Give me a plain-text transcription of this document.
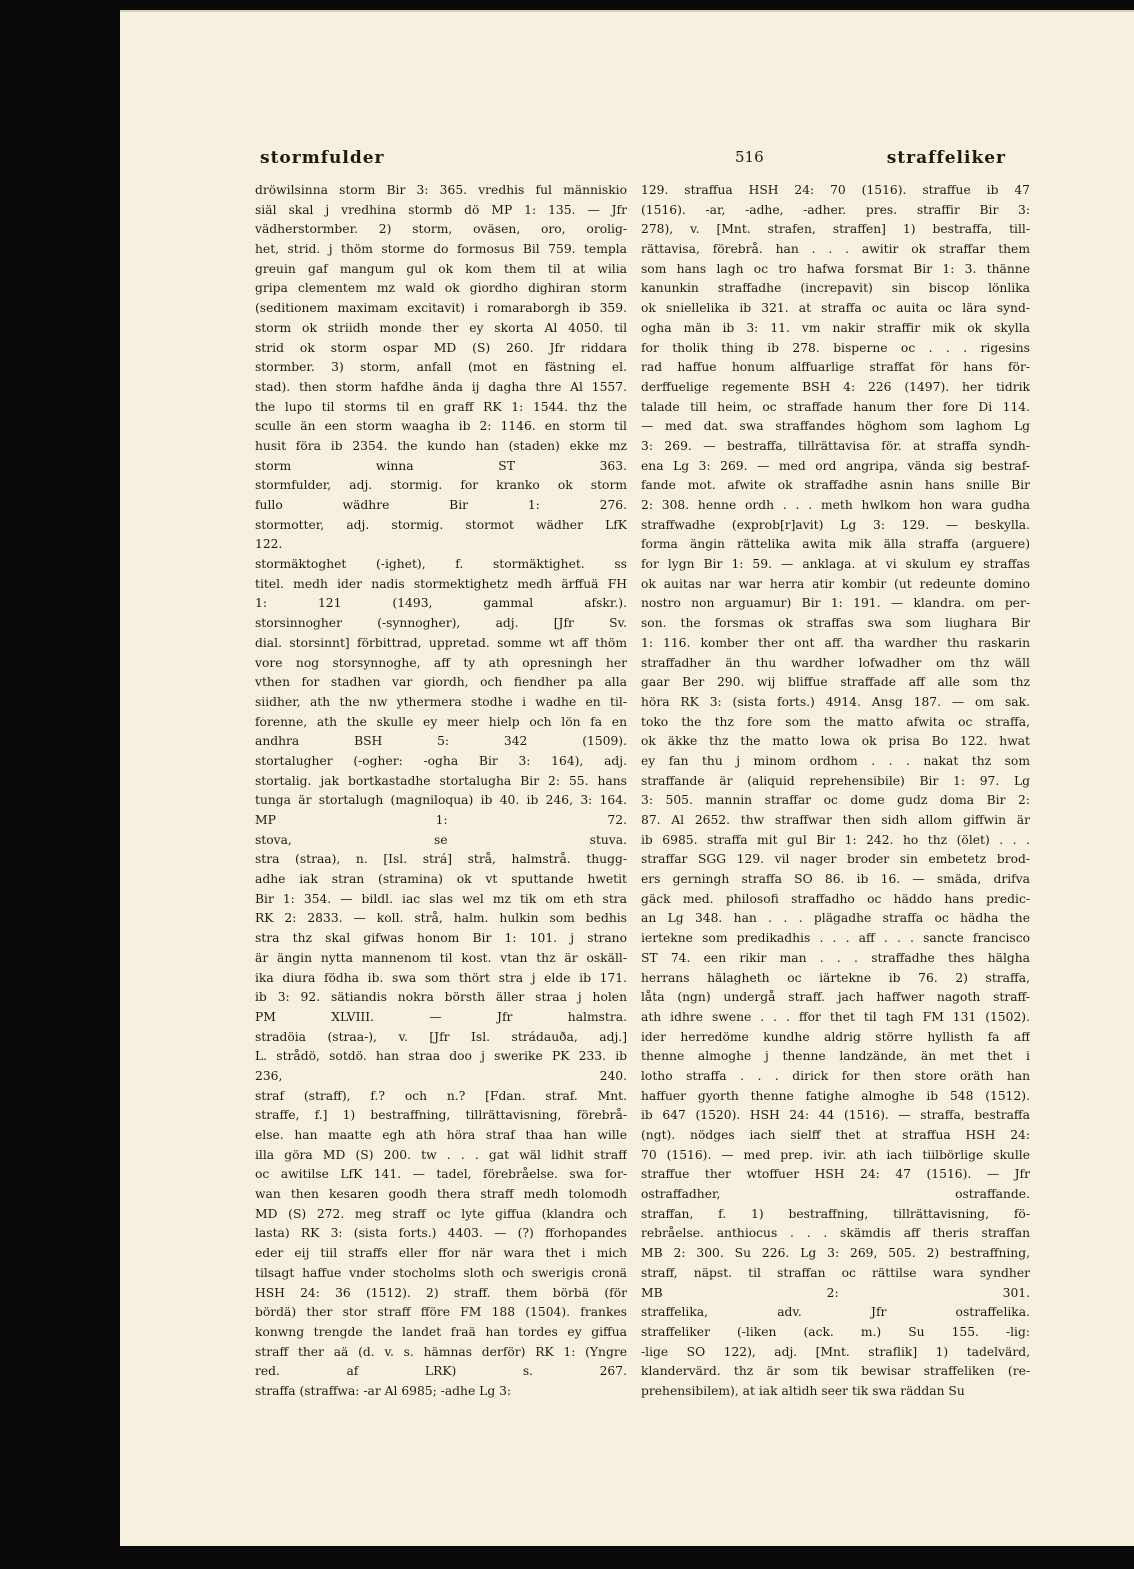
stormfulder	516	straffeliker
dröwilsinna storm Bir 3: 365. vredhis ful människio
siäl skal j vredhina stormb dö MP 1: 135. — Jfr
vädherstormber. 2) storm, oväsen, oro, orolig-
het, strid. j thöm storme do formosus Bil 759. templa
greuin gaf mangum gul ok kom them til at wilia
gripa clementem mz wald ok giordho dighiran storm
(seditionem maximam excitavit) i romaraborgh ib 359.
storm ok striidh monde ther ey skorta Al 4050. til
strid ok storm ospar MD (S) 260. Jfr riddara
stormber. 3) storm, anfall (mot en fästning el.
stad). then storm hafdhe ända ij dagha thre Al 1557.
the lupo til storms til en graff RK 1: 1544. thz the
sculle än een storm waagha ib 2: 1146. en storm til
husit föra ib 2354. the kundo han (staden) ekke mz
storm winna ST 363.
stormfulder, adj. stormig. for kranko ok storm
fullo wädhre Bir 1: 276.
stormotter, adj. stormig. stormot wädher LfK
122.
stormäktoghet (-ighet), f. stormäktighet. ss
titel. medh ider nadis stormektighetz medh ärffuä FH
1: 121 (1493, gammal afskr.).
storsinnogher (-synnogher), adj. [Jfr Sv.
dial. storsinnt] förbittrad, uppretad. somme wt aff thöm
vore nog storsynnoghe, aff ty ath opresningh her
vthen for stadhen var giordh, och fiendher pa alla
siidher, ath the nw ythermera stodhe i wadhe en til-
forenne, ath the skulle ey meer hielp och lön fa en
andhra BSH 5: 342 (1509).
stortalugher (-ogher: -ogha Bir 3: 164), adj.
stortalig. jak bortkastadhe stortalugha Bir 2: 55. hans
tunga är stortalugh (magniloqua) ib 40. ib 246, 3: 164.
MP 1: 72.
stova, se stuva.
stra (straa), n. [Isl. strá] strå, halmstrå. thugg-
adhe iak stran (stramina) ok vt sputtande hwetit
Bir 1: 354. — bildl. iac slas wel mz tik om eth stra
RK 2: 2833. — koll. strå, halm. hulkin som bedhis
stra thz skal gifwas honom Bir 1: 101. j strano
är ängin nytta mannenom til kost. vtan thz är oskäll-
ika diura födha ib. swa som thört stra j elde ib 171.
ib 3: 92. sätiandis nokra börsth äller straa j holen
PM XLVIII. — Jfr halmstra.
stradöia (straa-), v. [Jfr Isl. strádauða, adj.]
L. strådö, sotdö. han straa doo j swerike PK 233. ib
236, 240.
straf (straff), f.? och n.? [Fdan. straf. Mnt.
straffe, f.] 1) bestraffning, tillrättavisning, förebrå-
else. han maatte egh ath höra straf thaa han wille
illa göra MD (S) 200. tw . . . gat wäl lidhit straff
oc awitilse LfK 141. — tadel, förebråelse. swa for-
wan then kesaren goodh thera straff medh tolomodh
MD (S) 272. meg straff oc lyte giffua (klandra och
lasta) RK 3: (sista forts.) 4403. — (?) fforhopandes
eder eij tiil straffs eller ffor när wara thet i mich
tilsagt haffue vnder stocholms sloth och swerigis cronä
HSH 24: 36 (1512). 2) straff. them börbä (för
bördä) ther stor straff fföre FM 188 (1504). frankes
konwng trengde the landet fraä han tordes ey giffua
straff ther aä (d. v. s. hämnas derför) RK 1: (Yngre
red. af LRK) s. 267.
straffa (straffwa: -ar Al 6985; -adhe Lg 3:
129. straffua HSH 24: 70 (1516). straffue ib 47
(1516). -ar, -adhe, -adher. pres. straffir Bir 3:
278), v. [Mnt. strafen, straffen] 1) bestraffa, till-
rättavisa, förebrå. han . . . awitir ok straffar them
som hans lagh oc tro hafwa forsmat Bir 1: 3. thänne
kanunkin straffadhe (increpavit) sin biscop lönlika
ok sniellelika ib 321. at straffa oc auita oc lära synd-
ogha män ib 3: 11. vm nakir straffir mik ok skylla
for tholik thing ib 278. bisperne oc . . . rigesins
rad haffue honum alffuarlige straffat för hans för-
derffuelige regemente BSH 4: 226 (1497). her tidrik
talade till heim, oc straffade hanum ther fore Di 114.
— med dat. swa straffandes höghom som laghom Lg
3: 269. — bestraffa, tillrättavisa för. at straffa syndh-
ena Lg 3: 269. — med ord angripa, vända sig bestraf-
fande mot. afwite ok straffadhe asnin hans snille Bir
2: 308. henne ordh . . . meth hwlkom hon wara gudha
straffwadhe (exprob[r]avit) Lg 3: 129. — beskylla.
forma ängin rättelika awita mik älla straffa (arguere)
for lygn Bir 1: 59. — anklaga. at vi skulum ey straffas
ok auitas nar war herra atir kombir (ut redeunte domino
nostro non arguamur) Bir 1: 191. — klandra. om per-
son. the forsmas ok straffas swa som liughara Bir
1: 116. komber ther ont aff. tha wardher thu raskarin
straffadher än thu wardher lofwadher om thz wäll
gaar Ber 290. wij bliffue straffade aff alle som thz
höra RK 3: (sista forts.) 4914. Ansg 187. — om sak.
toko the thz fore som the matto afwita oc straffa,
ok äkke thz the matto lowa ok prisa Bo 122. hwat
ey fan thu j minom ordhom . . . nakat thz som
straffande är (aliquid reprehensibile) Bir 1: 97. Lg
3: 505. mannin straffar oc dome gudz doma Bir 2:
87. Al 2652. thw straffwar then sidh allom giffwin är
ib 6985. straffa mit gul Bir 1: 242. ho thz (ölet) . . .
straffar SGG 129. vil nager broder sin embetetz brod-
ers gerningh straffa SO 86. ib 16. — smäda, drifva
gäck med. philosofi straffadho oc häddo hans predic-
an Lg 348. han . . . plägadhe straffa oc hädha the
iertekne som predikadhis . . . aff . . . sancte francisco
ST 74. een rikir man . . . straffadhe thes hälgha
herrans hälagheth oc iärtekne ib 76. 2) straffa,
låta (ngn) undergå straff. jach haffwer nagoth straff-
ath idhre swene . . . ffor thet til tagh FM 131 (1502).
ider herredöme kundhe aldrig större hyllisth fa aff
thenne almoghe j thenne landzände, än met thet i
lotho straffa . . . dirick for then store oräth han
haffuer gyorth thenne fatighe almoghe ib 548 (1512).
ib 647 (1520). HSH 24: 44 (1516). — straffa, bestraffa
(ngt). nödges iach sielff thet at straffua HSH 24:
70 (1516). — med prep. ivir. ath iach tiilbörlige skulle
straffue ther wtoffuer HSH 24: 47 (1516). — Jfr
ostraffadher, ostraffande.
straffan, f. 1) bestraffning, tillrättavisning, fö-
rebråelse. anthiocus . . . skämdis aff theris straffan
MB 2: 300. Su 226. Lg 3: 269, 505. 2) bestraffning,
straff, näpst. til straffan oc rättilse wara syndher
MB 2: 301.
straffelika, adv. Jfr ostraffelika.
straffeliker (-liken (ack. m.) Su 155. -lig:
-lige SO 122), adj. [Mnt. straflik] 1) tadelvärd,
klandervärd. thz är som tik bewisar straffeliken (re-
prehensibilem), at iak altidh seer tik swa räddan Su
